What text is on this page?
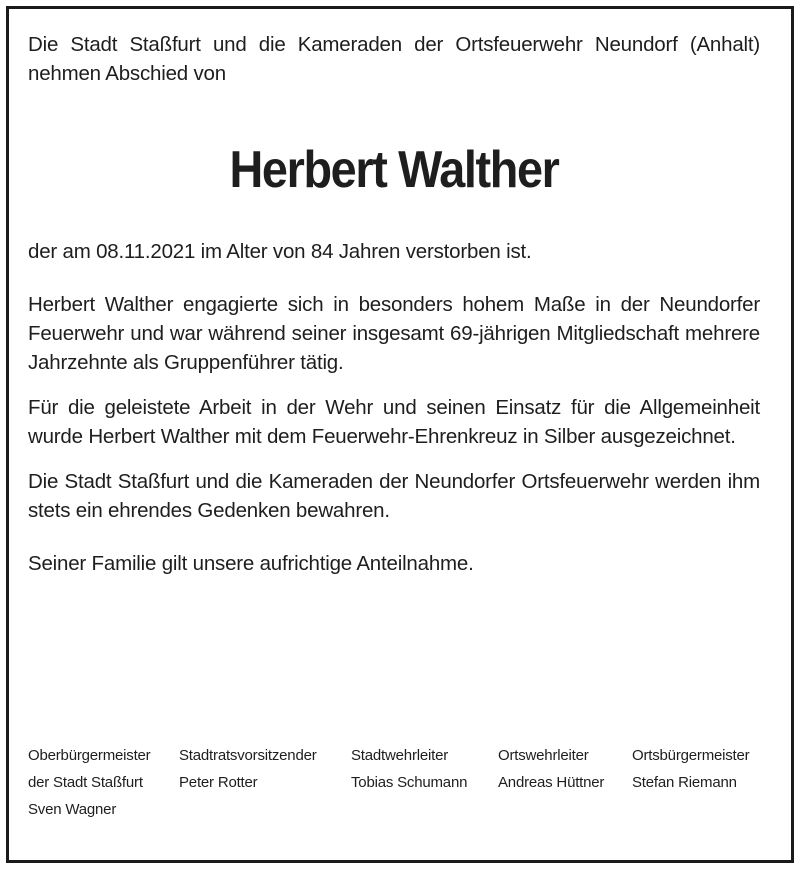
Die Stadt Staßfurt und die Kameraden der Ortsfeuerwehr Neundorf (Anhalt) nehmen Abschied von

Herbert Walther

der am 08.11.2021 im Alter von 84 Jahren verstorben ist.

Herbert Walther engagierte sich in besonders hohem Maße in der Neundorfer Feuerwehr und war während seiner insgesamt 69-jährigen Mitgliedschaft mehrere Jahrzehnte als Gruppenführer tätig.

Für die geleistete Arbeit in der Wehr und seinen Einsatz für die Allgemeinheit wurde Herbert Walther mit dem Feuerwehr-Ehrenkreuz in Silber ausgezeichnet.

Die Stadt Staßfurt und die Kameraden der Neundorfer Ortsfeuerwehr werden ihm stets ein ehrendes Gedenken bewahren.

Seiner Familie gilt unsere aufrichtige Anteilnahme.

Oberbürgermeister
der Stadt Staßfurt
Sven Wagner
Stadtratsvorsitzender
Peter Rotter
Stadtwehrleiter
Tobias Schumann
Ortswehrleiter
Andreas Hüttner
Ortsbürgermeister
Stefan Riemann
